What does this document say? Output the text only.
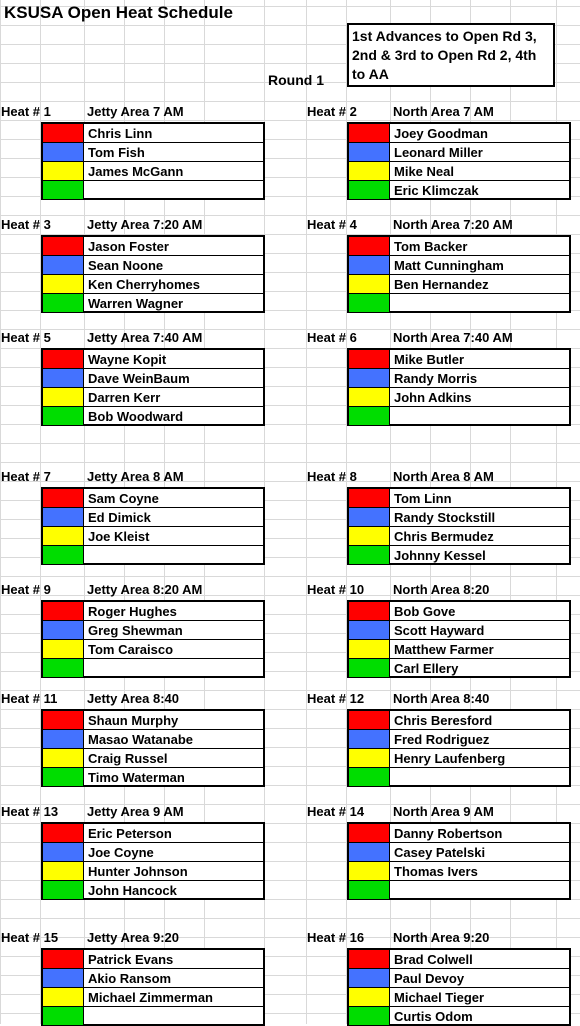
KSUSA Open Heat Schedule
1st Advances to Open Rd 3, 2nd & 3rd to Open Rd 2, 4th to AA
Round 1
Heat # 1	Jetty Area 7 AM
Chris Linn
Tom Fish
James McGann
Heat # 2	North Area 7 AM
Joey Goodman
Leonard Miller
Mike Neal
Eric Klimczak
Heat # 3	Jetty Area 7:20 AM
Jason Foster
Sean Noone
Ken Cherryhomes
Warren Wagner
Heat # 4	North Area 7:20 AM
Tom Backer
Matt Cunningham
Ben Hernandez
Heat # 5	Jetty Area 7:40 AM
Wayne Kopit
Dave WeinBaum
Darren Kerr
Bob Woodward
Heat # 6	North Area 7:40 AM
Mike Butler
Randy Morris
John Adkins
Heat # 7	Jetty Area 8 AM
Sam Coyne
Ed Dimick
Joe Kleist
Heat # 8	North Area 8 AM
Tom Linn
Randy Stockstill
Chris Bermudez
Johnny Kessel
Heat # 9	Jetty Area 8:20 AM
Roger Hughes
Greg Shewman
Tom Caraisco
Heat # 10 North Area 8:20
Bob Gove
Scott Hayward
Matthew Farmer
Carl Ellery
Heat # 11 Jetty Area 8:40
Shaun Murphy
Masao Watanabe
Craig Russel
Timo Waterman
Heat # 12 North Area 8:40
Chris Beresford
Fred Rodriguez
Henry Laufenberg
Heat # 13 Jetty Area 9 AM
Eric Peterson
Joe Coyne
Hunter Johnson
John Hancock
Heat # 14 North Area 9 AM
Danny Robertson
Casey Patelski
Thomas Ivers
Heat # 15 Jetty Area 9:20
Patrick Evans
Akio Ransom
Michael Zimmerman
Heat # 16 North Area 9:20
Brad Colwell
Paul Devoy
Michael Tieger
Curtis Odom
